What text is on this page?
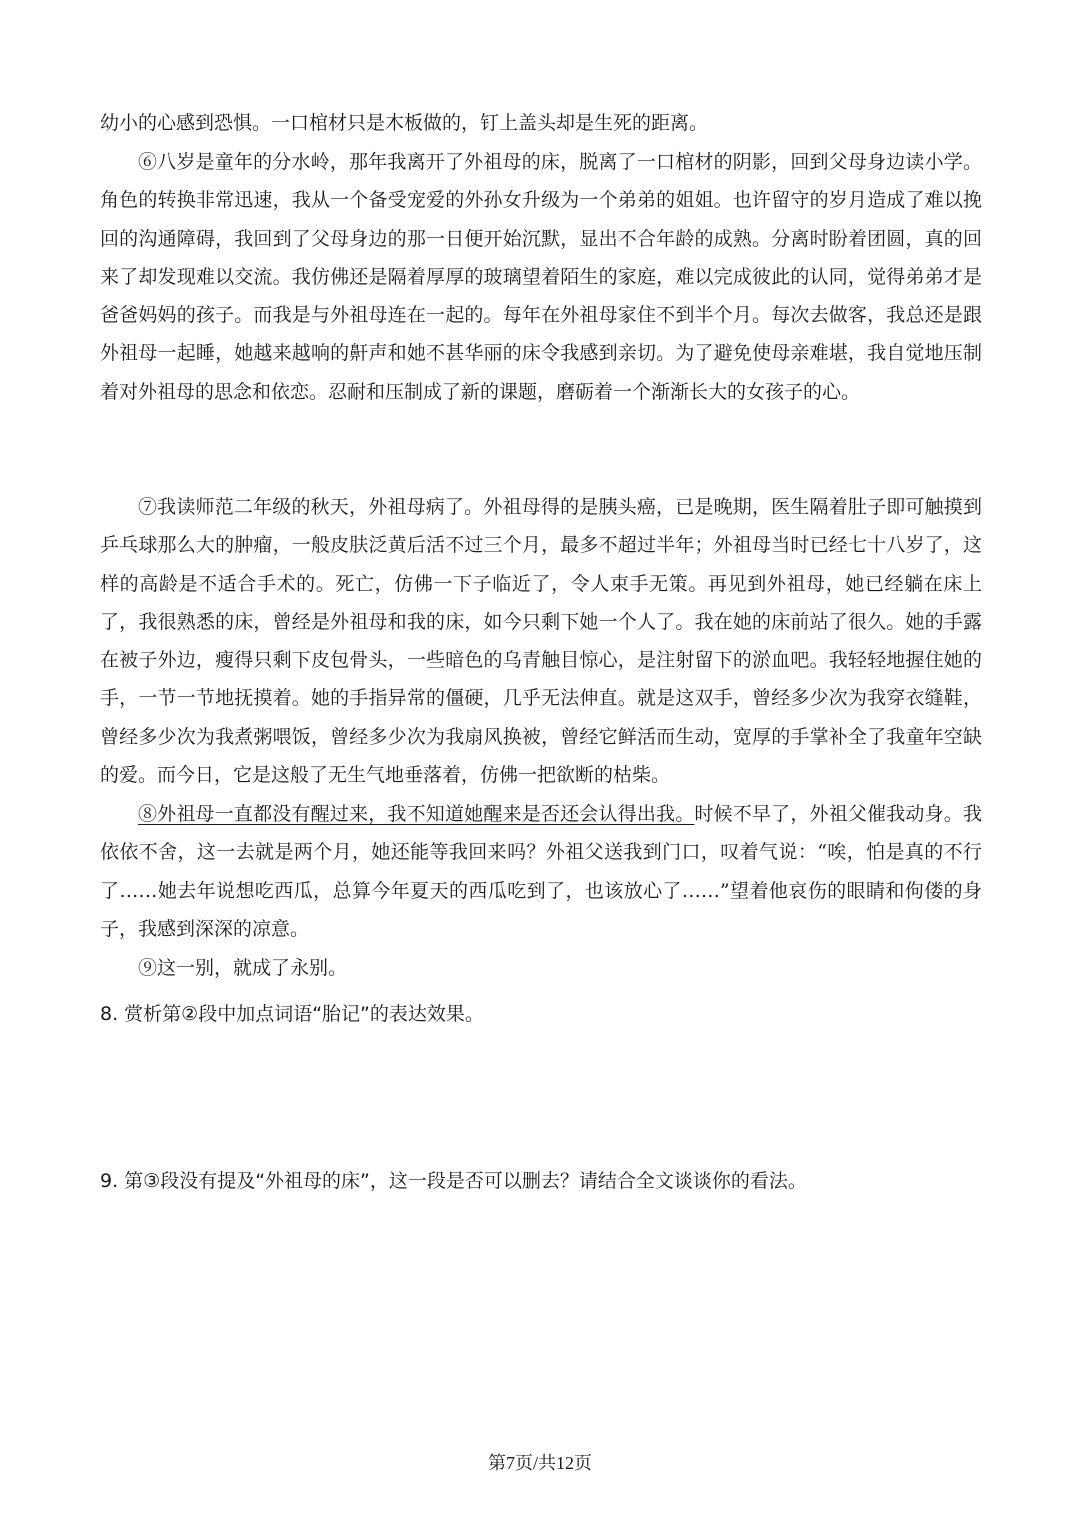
幼小的心感到恐惧。一口棺材只是木板做的，钉上盖头却是生死的距离。

⑥八岁是童年的分水岭，那年我离开了外祖母的床，脱离了一口棺材的阴影，回到父母身边读小学。角色的转换非常迅速，我从一个备受宠爱的外孙女升级为一个弟弟的姐姐。也许留守的岁月造成了难以挽回的沟通障碍，我回到了父母身边的那一日便开始沉默，显出不合年龄的成熟。分离时盼着团圆，真的回来了却发现难以交流。我仿佛还是隔着厚厚的玻璃望着陌生的家庭，难以完成彼此的认同，觉得弟弟才是爸爸妈妈的孩子。而我是与外祖母连在一起的。每年在外祖母家住不到半个月。每次去做客，我总还是跟外祖母一起睡，她越来越响的鼾声和她不甚华丽的床令我感到亲切。为了避免使母亲难堪，我自觉地压制着对外祖母的思念和依恋。忍耐和压制成了新的课题，磨砺着一个渐渐长大的女孩子的心。

⑦我读师范二年级的秋天，外祖母病了。外祖母得的是胰头癌，已是晚期，医生隔着肚子即可触摸到乒乓球那么大的肿瘤，一般皮肤泛黄后活不过三个月，最多不超过半年；外祖母当时已经七十八岁了，这样的高龄是不适合手术的。死亡，仿佛一下子临近了，令人束手无策。再见到外祖母，她已经躺在床上了，我很熟悉的床，曾经是外祖母和我的床，如今只剩下她一个人了。我在她的床前站了很久。她的手露在被子外边，瘦得只剩下皮包骨头，一些暗色的乌青触目惊心，是注射留下的淤血吧。我轻轻地握住她的手，一节一节地抚摸着。她的手指异常的僵硬，几乎无法伸直。就是这双手，曾经多少次为我穿衣缝鞋，曾经多少次为我煮粥喂饭，曾经多少次为我扇风换被，曾经它鲜活而生动，宽厚的手掌补全了我童年空缺的爱。而今日，它是这般了无生气地垂落着，仿佛一把欲断的枯柴。

⑧外祖母一直都没有醒过来，我不知道她醒来是否还会认得出我。时候不早了，外祖父催我动身。我依依不舍，这一去就是两个月，她还能等我回来吗？外祖父送我到门口，叹着气说：“唉，怕是真的不行了……她去年说想吃西瓜，总算今年夏天的西瓜吃到了，也该放心了……”望着他哀伤的眼睛和佝偻的身子，我感到深深的凉意。

⑨这一别，就成了永别。

8. 赏析第②段中加点词语“胎记”的表达效果。

9. 第③段没有提及“外祖母的床”，这一段是否可以删去？请结合全文谈谈你的看法。

第7页/共12页
